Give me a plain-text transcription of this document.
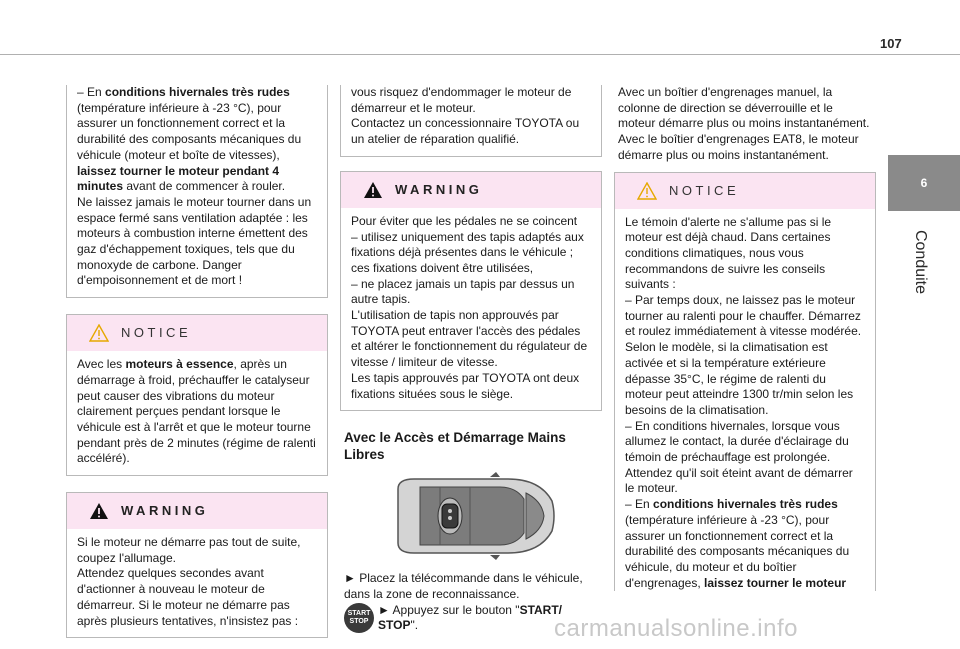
107
6
Conduite

– En conditions hivernales très rudes (température inférieure à -23 °C), pour assurer un fonctionnement correct et la durabilité des composants mécaniques du véhicule (moteur et boîte de vitesses), laissez tourner le moteur pendant 4 minutes avant de commencer à rouler.

Ne laissez jamais le moteur tourner dans un espace fermé sans ventilation adaptée : les moteurs à combustion interne émettent des gaz d'échappement toxiques, tels que du monoxyde de carbone. Danger d'empoisonnement et de mort !

NOTICE

Avec les moteurs à essence, après un démarrage à froid, préchauffer le catalyseur peut causer des vibrations du moteur clairement perçues pendant lorsque le véhicule est à l'arrêt et que le moteur tourne pendant près de 2 minutes (régime de ralenti accéléré).

WARNING

Si le moteur ne démarre pas tout de suite, coupez l'allumage.
Attendez quelques secondes avant d'actionner à nouveau le moteur de démarreur. Si le moteur ne démarre pas après plusieurs tentatives, n'insistez pas :

vous risquez d'endommager le moteur de démarreur et le moteur.
Contactez un concessionnaire TOYOTA ou un atelier de réparation qualifié.

WARNING

Pour éviter que les pédales ne se coincent

– utilisez uniquement des tapis adaptés aux fixations déjà présentes dans le véhicule ; ces fixations doivent être utilisées,

– ne placez jamais un tapis par dessus un autre tapis.

L'utilisation de tapis non approuvés par TOYOTA peut entraver l'accès des pédales et altérer le fonctionnement du régulateur de vitesse / limiteur de vitesse.

Les tapis approuvés par TOYOTA ont deux fixations situées sous le siège.

Avec le Accès et Démarrage Mains Libres

► Placez la télécommande dans le véhicule, dans la zone de reconnaissance.

START
STOP

► Appuyez sur le bouton "START/ STOP".

Avec un boîtier d'engrenages manuel, la colonne de direction se déverrouille et le moteur démarre plus ou moins instantanément.
Avec le boîtier d'engrenages EAT8, le moteur démarre plus ou moins instantanément.

NOTICE

Le témoin d'alerte ne s'allume pas si le moteur est déjà chaud. Dans certaines conditions climatiques, nous vous recommandons de suivre les conseils suivants :

– Par temps doux, ne laissez pas le moteur tourner au ralenti pour le chauffer. Démarrez et roulez immédiatement à vitesse modérée. Selon le modèle, si la climatisation est activée et si la température extérieure dépasse 35°C, le régime de ralenti du moteur peut atteindre 1300 tr/min selon les besoins de la climatisation.

– En conditions hivernales, lorsque vous allumez le contact, la durée d'éclairage du témoin de préchauffage est prolongée. Attendez qu'il soit éteint avant de démarrer le moteur.

– En conditions hivernales très rudes (température inférieure à -23 °C), pour assurer un fonctionnement correct et la durabilité des composants mécaniques du véhicule, du moteur et du boîtier d'engrenages, laissez tourner le moteur

carmanualsonline.info
